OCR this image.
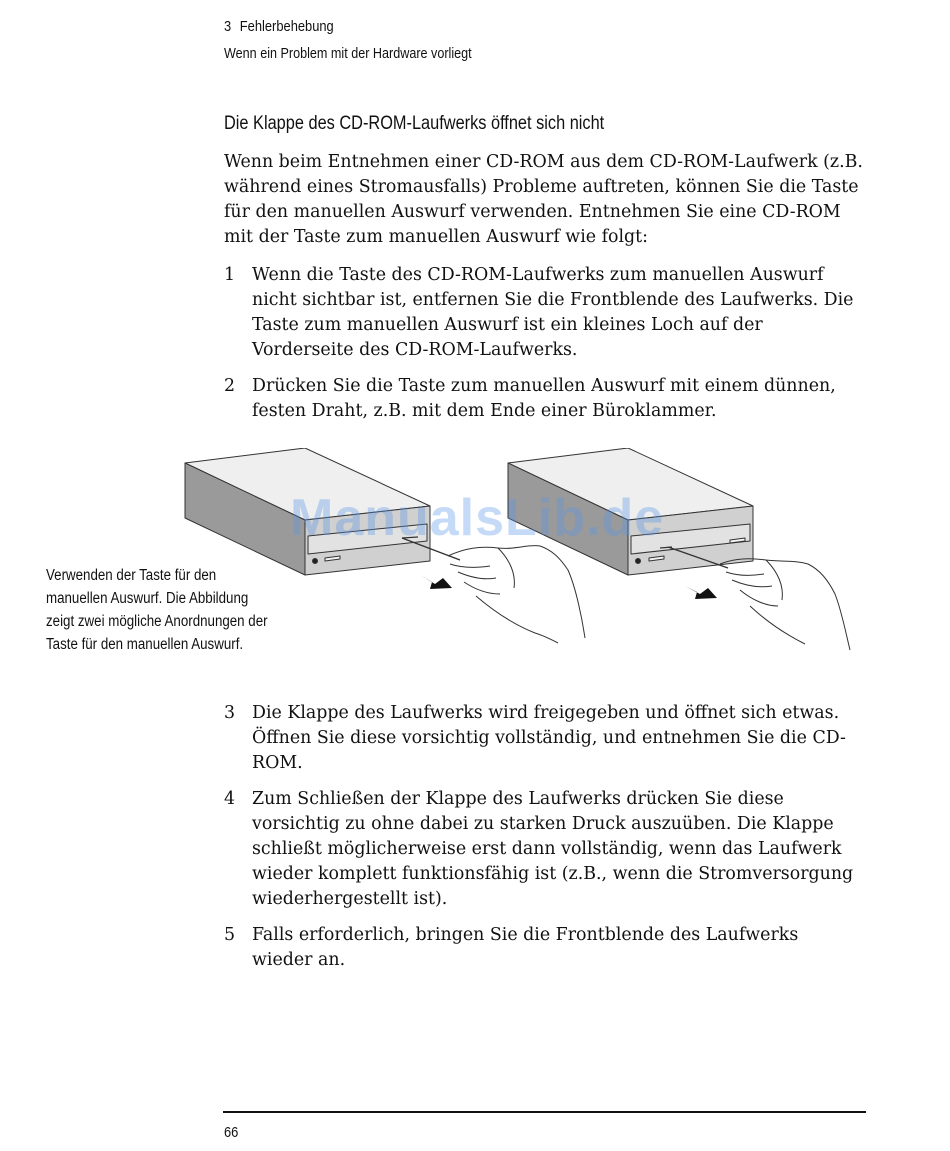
3 Fehlerbehebung
Wenn ein Problem mit der Hardware vorliegt
Die Klappe des CD-ROM-Laufwerks öffnet sich nicht
Wenn beim Entnehmen einer CD-ROM aus dem CD-ROM-Laufwerk (z.B. während eines Stromausfalls) Probleme auftreten, können Sie die Taste für den manuellen Auswurf verwenden. Entnehmen Sie eine CD-ROM mit der Taste zum manuellen Auswurf wie folgt:
1 Wenn die Taste des CD-ROM-Laufwerks zum manuellen Auswurf nicht sichtbar ist, entfernen Sie die Frontblende des Laufwerks. Die Taste zum manuellen Auswurf ist ein kleines Loch auf der Vorderseite des CD-ROM-Laufwerks.
2 Drücken Sie die Taste zum manuellen Auswurf mit einem dünnen, festen Draht, z.B. mit dem Ende einer Büroklammer.
ManualsLib.de
Verwenden der Taste für den manuellen Auswurf. Die Abbildung zeigt zwei mögliche Anordnungen der Taste für den manuellen Auswurf.
3 Die Klappe des Laufwerks wird freigegeben und öffnet sich etwas. Öffnen Sie diese vorsichtig vollständig, und entnehmen Sie die CD-ROM.
4 Zum Schließen der Klappe des Laufwerks drücken Sie diese vorsichtig zu ohne dabei zu starken Druck auszuüben. Die Klappe schließt möglicherweise erst dann vollständig, wenn das Laufwerk wieder komplett funktionsfähig ist (z.B., wenn die Stromversorgung wiederhergestellt ist).
5 Falls erforderlich, bringen Sie die Frontblende des Laufwerks wieder an.
66
